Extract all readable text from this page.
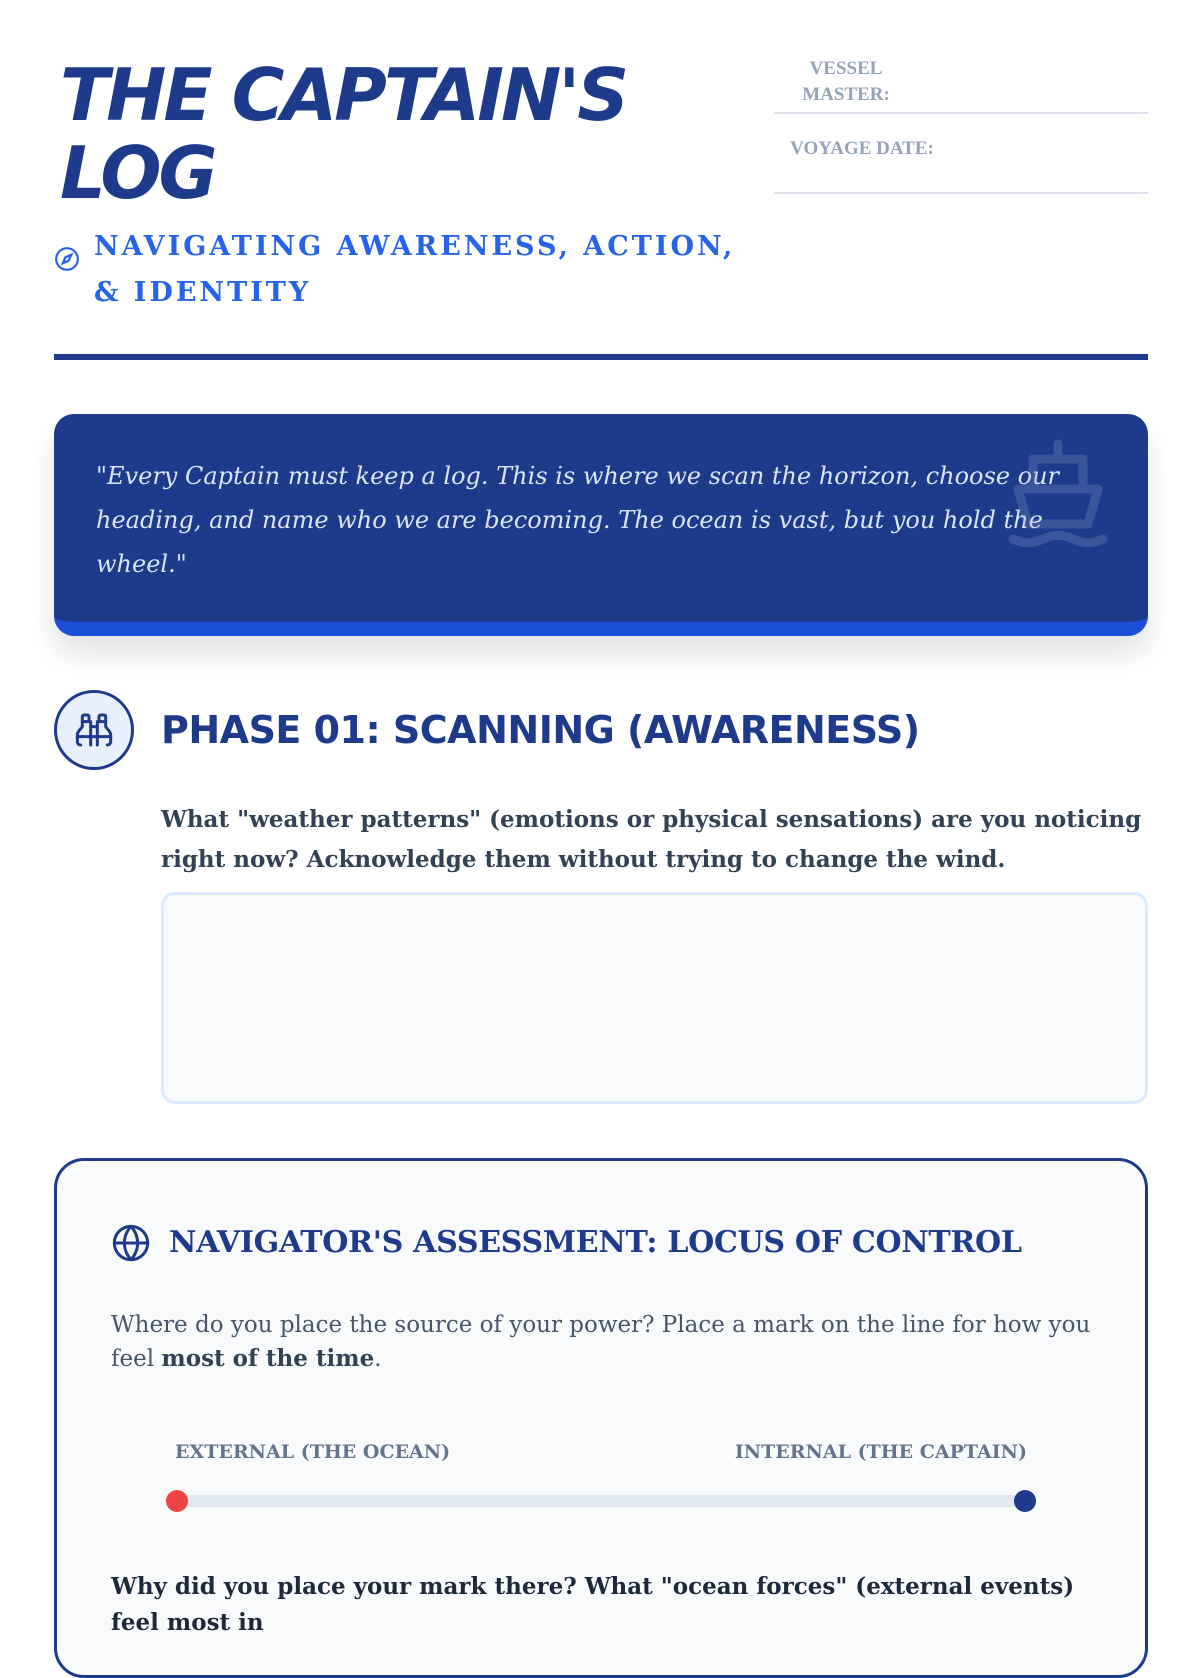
THE CAPTAIN'S LOG
NAVIGATING AWARENESS, ACTION, & IDENTITY
VESSEL MASTER:
VOYAGE DATE:

"Every Captain must keep a log. This is where we scan the horizon, choose our heading, and name who we are becoming. The ocean is vast, but you hold the wheel."

PHASE 01: SCANNING (AWARENESS)

What "weather patterns" (emotions or physical sensations) are you noticing right now? Acknowledge them without trying to change the wind.

NAVIGATOR'S ASSESSMENT: LOCUS OF CONTROL

Where do you place the source of your power? Place a mark on the line for how you feel most of the time.

EXTERNAL (THE OCEAN)	INTERNAL (THE CAPTAIN)

Why did you place your mark there? What "ocean forces" (external events) feel most in
